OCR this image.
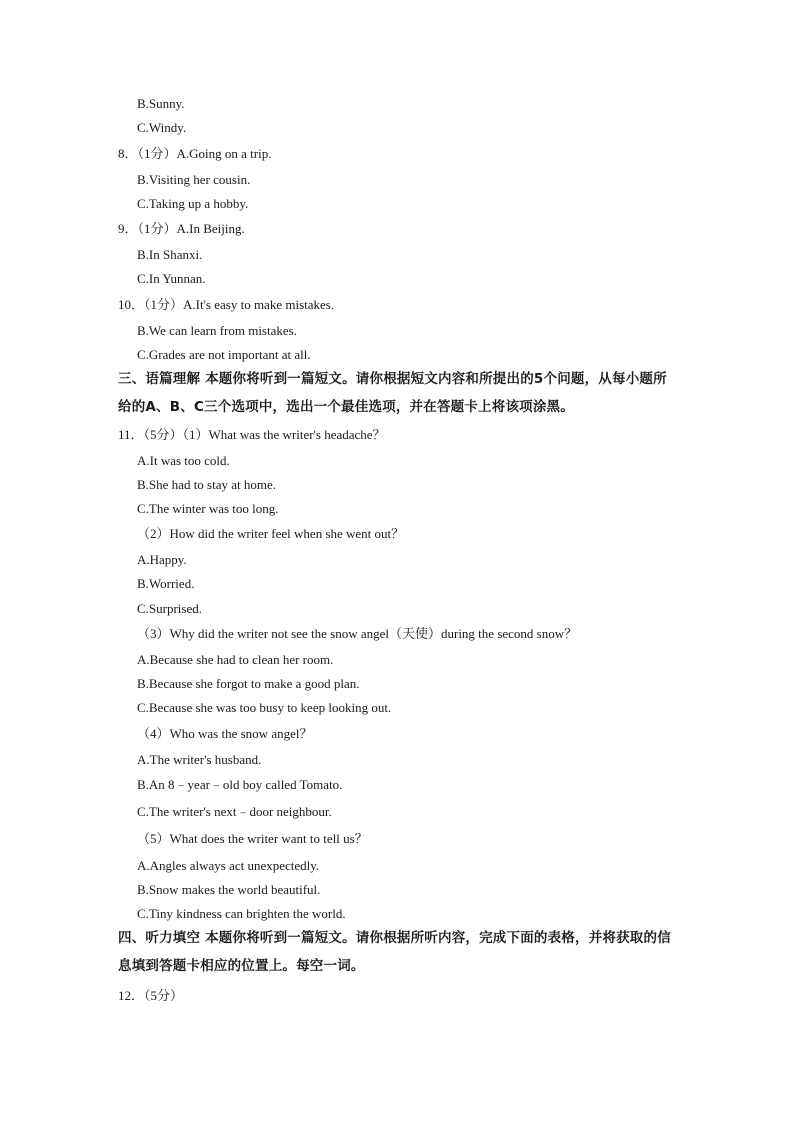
B.Sunny.
C.Windy.
8．（1分）A.Going on a trip.
B.Visiting her cousin.
C.Taking up a hobby.
9．（1分）A.In Beijing.
B.In Shanxi.
C.In Yunnan.
10．（1分）A.It's easy to make mistakes.
B.We can learn from mistakes.
C.Grades are not important at all.
三、语篇理解 本题你将听到一篇短文。请你根据短文内容和所提出的5个问题，从每小题所给的A、B、C三个选项中，选出一个最佳选项，并在答题卡上将该项涂黑。
11．（5分）（1）What was the writer's headache？
A.It was too cold.
B.She had to stay at home.
C.The winter was too long.
（2）How did the writer feel when she went out？
A.Happy.
B.Worried.
C.Surprised.
（3）Why did the writer not see the snow angel（天使）during the second snow？
A.Because she had to clean her room.
B.Because she forgot to make a good plan.
C.Because she was too busy to keep looking out.
（4）Who was the snow angel？
A.The writer's husband.
B.An 8﹣year﹣old boy called Tomato.
C.The writer's next﹣door neighbour.
（5）What does the writer want to tell us？
A.Angles always act unexpectedly.
B.Snow makes the world beautiful.
C.Tiny kindness can brighten the world.
四、听力填空 本题你将听到一篇短文。请你根据所听内容，完成下面的表格，并将获取的信息填到答题卡相应的位置上。每空一词。
12．（5分）
